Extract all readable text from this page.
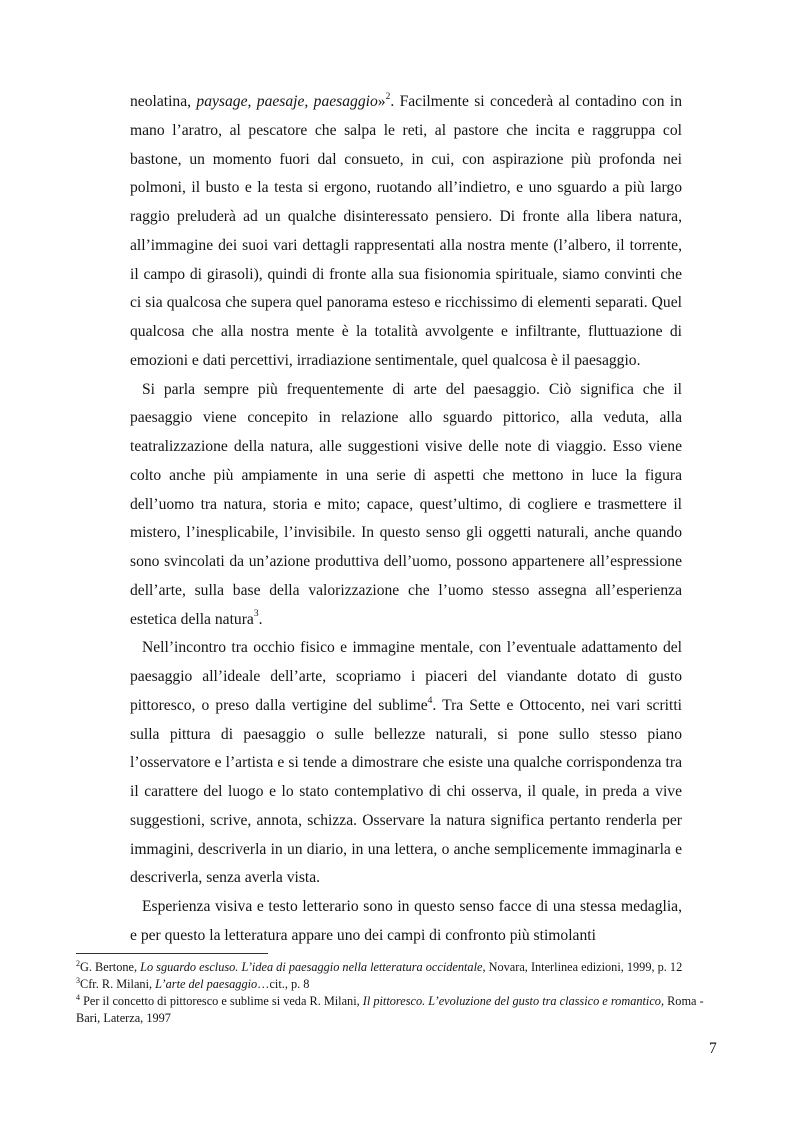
neolatina, paysage, paesaje, paesaggio»$^2$. Facilmente si concederà al contadino con in mano l’aratro, al pescatore che salpa le reti, al pastore che incita e raggruppa col bastone, un momento fuori dal consueto, in cui, con aspirazione più profonda nei polmoni, il busto e la testa si ergono, ruotando all’indietro, e uno sguardo a più largo raggio preluderà ad un qualche disinteressato pensiero. Di fronte alla libera natura, all’immagine dei suoi vari dettagli rappresentati alla nostra mente (l’albero, il torrente, il campo di girasoli), quindi di fronte alla sua fisionomia spirituale, siamo convinti che ci sia qualcosa che supera quel panorama esteso e ricchissimo di elementi separati. Quel qualcosa che alla nostra mente è la totalità avvolgente e infiltrante, fluttuazione di emozioni e dati percettivi, irradiazione sentimentale, quel qualcosa è il paesaggio.
Si parla sempre più frequentemente di arte del paesaggio. Ciò significa che il paesaggio viene concepito in relazione allo sguardo pittorico, alla veduta, alla teatralizzazione della natura, alle suggestioni visive delle note di viaggio. Esso viene colto anche più ampiamente in una serie di aspetti che mettono in luce la figura dell’uomo tra natura, storia e mito; capace, quest’ultimo, di cogliere e trasmettere il mistero, l’inesplicabile, l’invisibile. In questo senso gli oggetti naturali, anche quando sono svincolati da un’azione produttiva dell’uomo, possono appartenere all’espressione dell’arte, sulla base della valorizzazione che l’uomo stesso assegna all’esperienza estetica della natura$^3$.
Nell’incontro tra occhio fisico e immagine mentale, con l’eventuale adattamento del paesaggio all’ideale dell’arte, scopriamo i piaceri del viandante dotato di gusto pittoresco, o preso dalla vertigine del sublime$^4$. Tra Sette e Ottocento, nei vari scritti sulla pittura di paesaggio o sulle bellezze naturali, si pone sullo stesso piano l’osservatore e l’artista e si tende a dimostrare che esiste una qualche corrispondenza tra il carattere del luogo e lo stato contemplativo di chi osserva, il quale, in preda a vive suggestioni, scrive, annota, schizza. Osservare la natura significa pertanto renderla per immagini, descriverla in un diario, in una lettera, o anche semplicemente immaginarla e descriverla, senza averla vista.
Esperienza visiva e testo letterario sono in questo senso facce di una stessa medaglia, e per questo la letteratura appare uno dei campi di confronto più stimolanti

$^2$G. Bertone, Lo sguardo escluso. L’idea di paesaggio nella letteratura occidentale, Novara, Interlinea edizioni, 1999, p. 12

$^3$Cfr. R. Milani, L’arte del paesaggio…cit., p. 8

$^4$ Per il concetto di pittoresco e sublime si veda R. Milani, Il pittoresco. L’evoluzione del gusto tra classico e romantico, Roma - Bari, Laterza, 1997

7
